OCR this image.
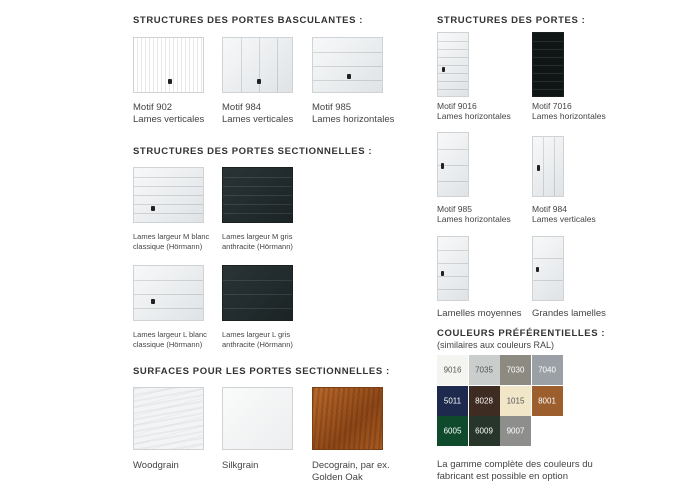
STRUCTURES DES PORTES BASCULANTES :
Motif 902
Lames verticales
Motif 984
Lames verticales
Motif 985
Lames horizontales
STRUCTURES DES PORTES SECTIONNELLES :
Lames largeur M blanc
classique (Hörmann)
Lames largeur M gris
anthracite (Hörmann)
Lames largeur L blanc
classique (Hörmann)
Lames largeur L gris
anthracite (Hörmann)
SURFACES POUR LES PORTES SECTIONNELLES :
Woodgrain	Silkgrain	Decograin, par ex.
Golden Oak
STRUCTURES DES PORTES :
Motif 9016
Lames horizontales
Motif 7016
Lames horizontales
Motif 985
Lames horizontales
Motif 984
Lames verticales
Lamelles moyennes Grandes lamelles
COULEURS PRÉFÉRENTIELLES :
(similaires aux couleurs RAL)
9016	7035	7030	7040
5011	8028	1015	8001
6005	6009	9007
La gamme complète des couleurs du
fabricant est possible en option
